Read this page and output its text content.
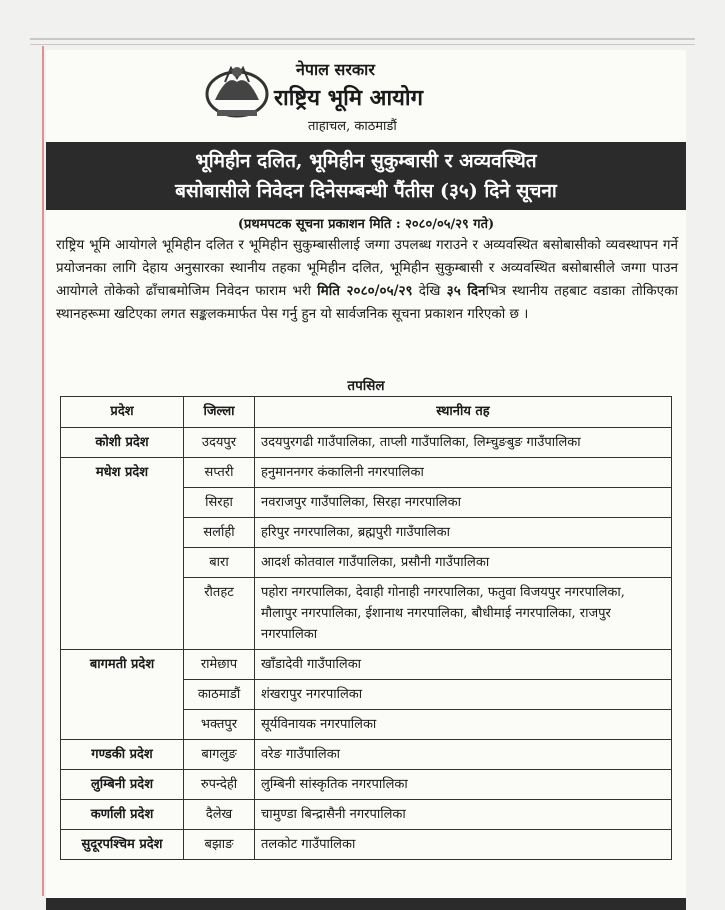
नेपाल सरकार
राष्ट्रिय भूमि आयोग
ताहाचल, काठमाडौं
भूमिहीन दलित, भूमिहीन सुकुम्बासी र अव्यवस्थित
बसोबासीले निवेदन दिनेसम्बन्धी पैंतीस (३५) दिने सूचना
(प्रथमपटक सूचना प्रकाशन मिति : २०८०/०५/२९ गते)
राष्ट्रिय भूमि आयोगले भूमिहीन दलित र भूमिहीन सुकुम्बासीलाई जग्गा उपलब्ध गराउने र अव्यवस्थित बसोबासीको व्यवस्थापन गर्ने प्रयोजनका लागि देहाय अनुसारका स्थानीय तहका भूमिहीन दलित, भूमिहीन सुकुम्बासी र अव्यवस्थित बसोबासीले जग्गा पाउन आयोगले तोकेको ढाँचाबमोजिम निवेदन फाराम भरी मिति २०८०/०५/२९ देखि ३५ दिनभित्र स्थानीय तहबाट वडाका तोकिएका स्थानहरूमा खटिएका लगत सङ्कलकमार्फत पेस गर्नु हुन यो सार्वजनिक सूचना प्रकाशन गरिएको छ ।
तपसिल
प्रदेश	जिल्ला	स्थानीय तह
कोशी प्रदेश	उदयपुर	उदयपुरगढी गाउँपालिका, ताप्ली गाउँपालिका, लिम्चुङबुङ गाउँपालिका
मधेश प्रदेश	सप्तरी	हनुमाननगर कंकालिनी नगरपालिका
	सिरहा	नवराजपुर गाउँपालिका, सिरहा नगरपालिका
	सर्लाही	हरिपुर नगरपालिका, ब्रह्मपुरी गाउँपालिका
	बारा	आदर्श कोतवाल गाउँपालिका, प्रसौनी गाउँपालिका
	रौतहट	पहोरा नगरपालिका, देवाही गोनाही नगरपालिका, फतुवा विजयपुर नगरपालिका, मौलापुर नगरपालिका, ईशानाथ नगरपालिका, बौधीमाई नगरपालिका, राजपुर नगरपालिका
बागमती प्रदेश	रामेछाप	खाँडादेवी गाउँपालिका
	काठमाडौं	शंखरापुर नगरपालिका
	भक्तपुर	सूर्यविनायक नगरपालिका
गण्डकी प्रदेश	बागलुङ	वरेङ गाउँपालिका
लुम्बिनी प्रदेश	रुपन्देही	लुम्बिनी सांस्कृतिक नगरपालिका
कर्णाली प्रदेश	दैलेख	चामुण्डा बिन्द्रासैनी नगरपालिका
सुदूरपश्चिम प्रदेश	बझाङ	तलकोट गाउँपालिका
